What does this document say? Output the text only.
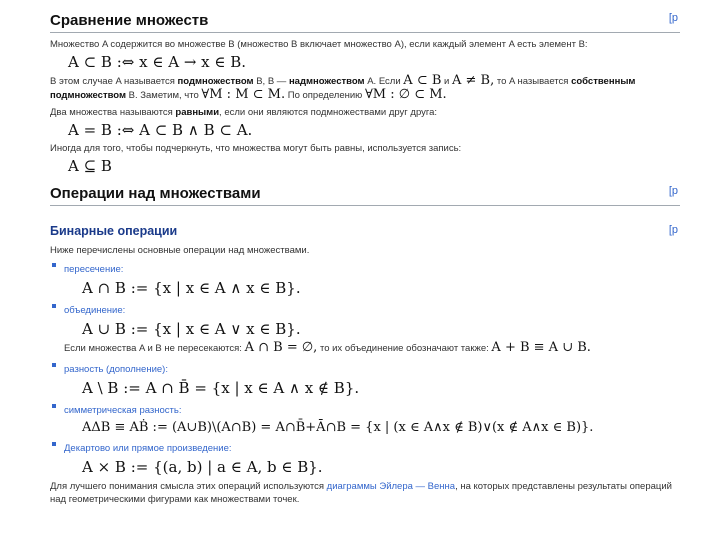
Сравнение множеств	[р
Множество A содержится во множестве B (множество B включает множество A), если каждый элемент A есть элемент B:
A ⊂ B :⇔ x ∈ A → x ∈ B.
В этом случае A называется подмножеством B, B — надмножеством A. Если A ⊂ B и A ≠ B, то A называется собственным подмножеством B. Заметим, что ∀M : M ⊂ M. По определению ∀M : ∅ ⊂ M.
Два множества называются равными, если они являются подмножествами друг друга:
A = B :⇔ A ⊂ B ∧ B ⊂ A.
Иногда для того, чтобы подчеркнуть, что множества могут быть равны, используется запись:
A ⊆ B
Операции над множествами	[р
Бинарные операции	[р
Ниже перечислены основные операции над множествами.
пересечение:
A ∩ B := {x | x ∈ A ∧ x ∈ B}.
объединение:
A ∪ B := {x | x ∈ A ∨ x ∈ B}.
Если множества A и B не пересекаются: A ∩ B = ∅, то их объединение обозначают также: A + B ≡ A ∪ B.
разность (дополнение):
A \ B := A ∩ B̄ = {x | x ∈ A ∧ x ∉ B}.
симметрическая разность:
AΔB ≡ AḂ := (A∪B)\(A∩B) = A∩B̄+Ā∩B = {x | (x ∈ A∧x ∉ B)∨(x ∉ A∧x ∈ B)}.
Декартово или прямое произведение:
A × B := {(a, b) | a ∈ A, b ∈ B}.
Для лучшего понимания смысла этих операций используются диаграммы Эйлера — Венна, на которых представлены результаты операций над геометрическими фигурами как множествами точек.
